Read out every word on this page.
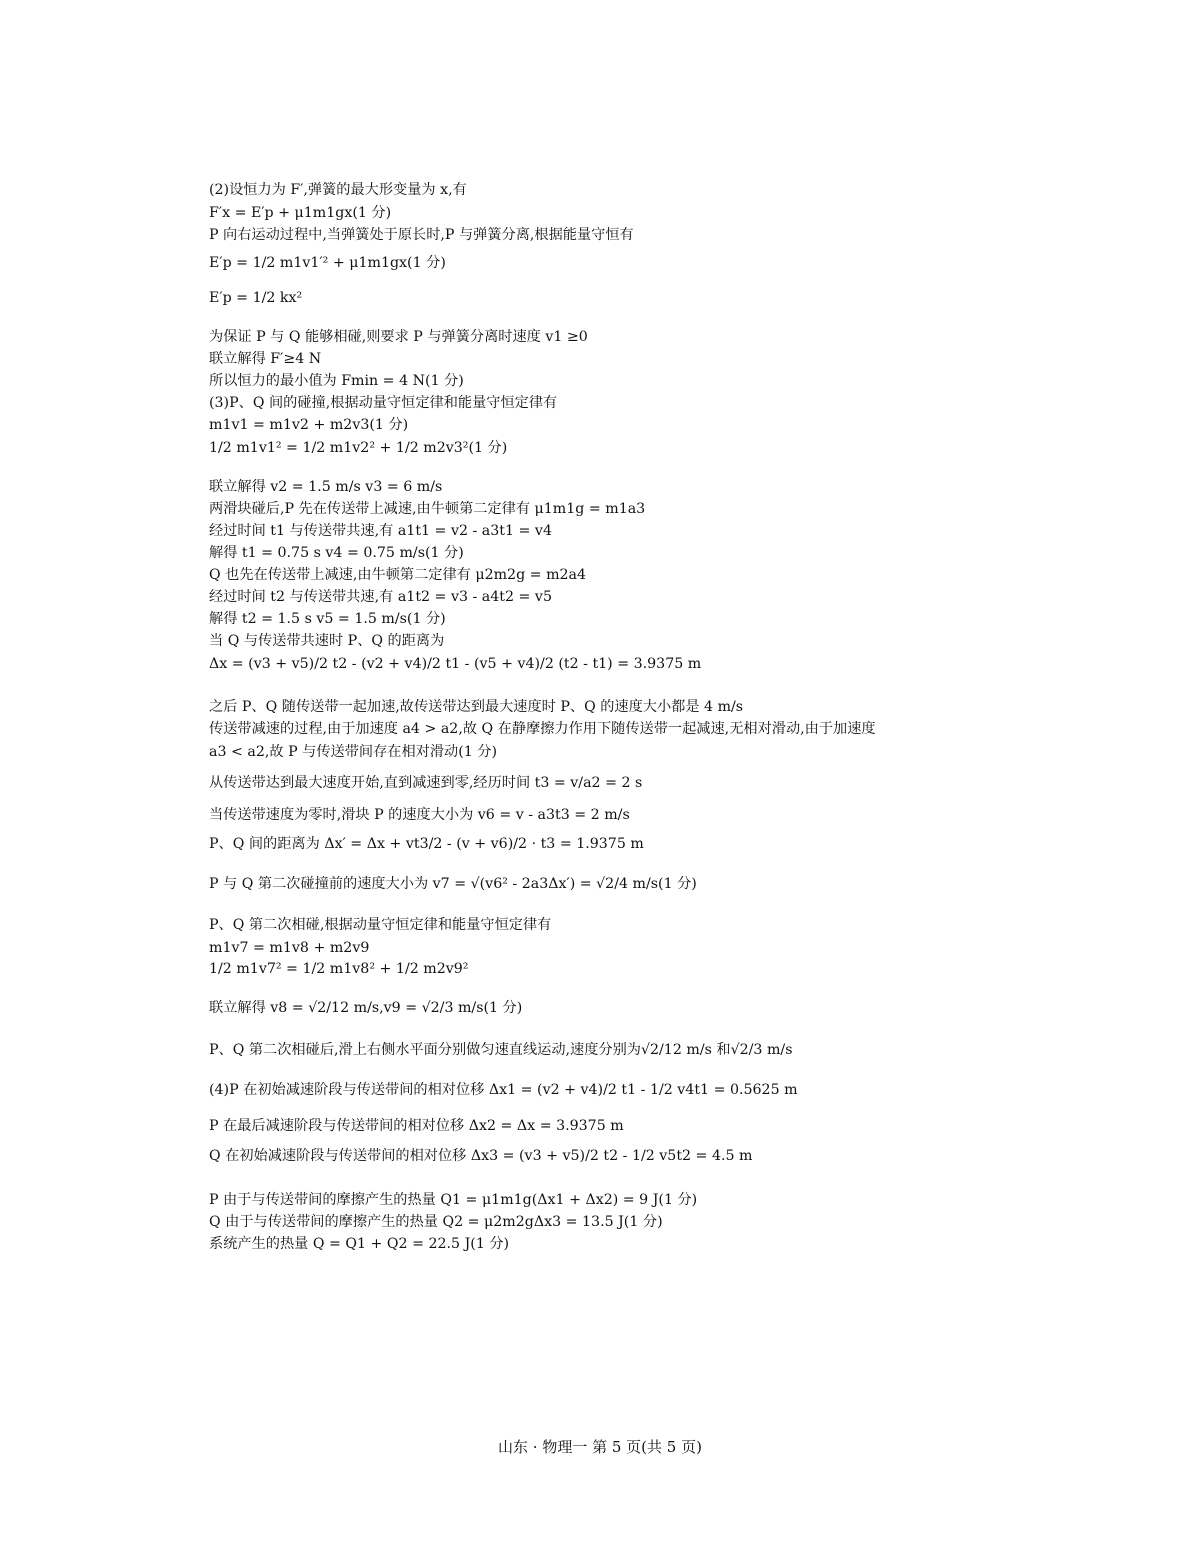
(2)设恒力为 F′,弹簧的最大形变量为 x,有
F′x = E′p + μ1m1gx(1 分)
P 向右运动过程中,当弹簧处于原长时,P 与弹簧分离,根据能量守恒有
E′p = 1/2 m1v1′² + μ1m1gx(1 分)
E′p = 1/2 kx²
为保证 P 与 Q 能够相碰,则要求 P 与弹簧分离时速度 v1 ≥0
联立解得 F′≥4 N
所以恒力的最小值为 Fmin = 4 N(1 分)
(3)P、Q 间的碰撞,根据动量守恒定律和能量守恒定律有
m1v1 = m1v2 + m2v3(1 分)
1/2 m1v1² = 1/2 m1v2² + 1/2 m2v3²(1 分)
联立解得 v2 = 1.5 m/s v3 = 6 m/s
两滑块碰后,P 先在传送带上减速,由牛顿第二定律有 μ1m1g = m1a3
经过时间 t1 与传送带共速,有 a1t1 = v2 - a3t1 = v4
解得 t1 = 0.75 s v4 = 0.75 m/s(1 分)
Q 也先在传送带上减速,由牛顿第二定律有 μ2m2g = m2a4
经过时间 t2 与传送带共速,有 a1t2 = v3 - a4t2 = v5
解得 t2 = 1.5 s v5 = 1.5 m/s(1 分)
当 Q 与传送带共速时 P、Q 的距离为
Δx = (v3 + v5)/2 t2 - (v2 + v4)/2 t1 - (v5 + v4)/2 (t2 - t1) = 3.9375 m
之后 P、Q 随传送带一起加速,故传送带达到最大速度时 P、Q 的速度大小都是 4 m/s
传送带减速的过程,由于加速度 a4 > a2,故 Q 在静摩擦力作用下随传送带一起减速,无相对滑动,由于加速度
a3 < a2,故 P 与传送带间存在相对滑动(1 分)
从传送带达到最大速度开始,直到减速到零,经历时间 t3 = v/a2 = 2 s
当传送带速度为零时,滑块 P 的速度大小为 v6 = v - a3t3 = 2 m/s
P、Q 间的距离为 Δx′ = Δx + vt3/2 - (v + v6)/2 · t3 = 1.9375 m
P 与 Q 第二次碰撞前的速度大小为 v7 = √(v6² - 2a3Δx′) = √2/4 m/s(1 分)
P、Q 第二次相碰,根据动量守恒定律和能量守恒定律有
m1v7 = m1v8 + m2v9
1/2 m1v7² = 1/2 m1v8² + 1/2 m2v9²
联立解得 v8 = √2/12 m/s,v9 = √2/3 m/s(1 分)
P、Q 第二次相碰后,滑上右侧水平面分别做匀速直线运动,速度分别为√2/12 m/s 和√2/3 m/s
(4)P 在初始减速阶段与传送带间的相对位移 Δx1 = (v2 + v4)/2 t1 - 1/2 v4t1 = 0.5625 m
P 在最后减速阶段与传送带间的相对位移 Δx2 = Δx = 3.9375 m
Q 在初始减速阶段与传送带间的相对位移 Δx3 = (v3 + v5)/2 t2 - 1/2 v5t2 = 4.5 m
P 由于与传送带间的摩擦产生的热量 Q1 = μ1m1g(Δx1 + Δx2) = 9 J(1 分)
Q 由于与传送带间的摩擦产生的热量 Q2 = μ2m2gΔx3 = 13.5 J(1 分)
系统产生的热量 Q = Q1 + Q2 = 22.5 J(1 分)
山东 · 物理一 第 5 页(共 5 页)
